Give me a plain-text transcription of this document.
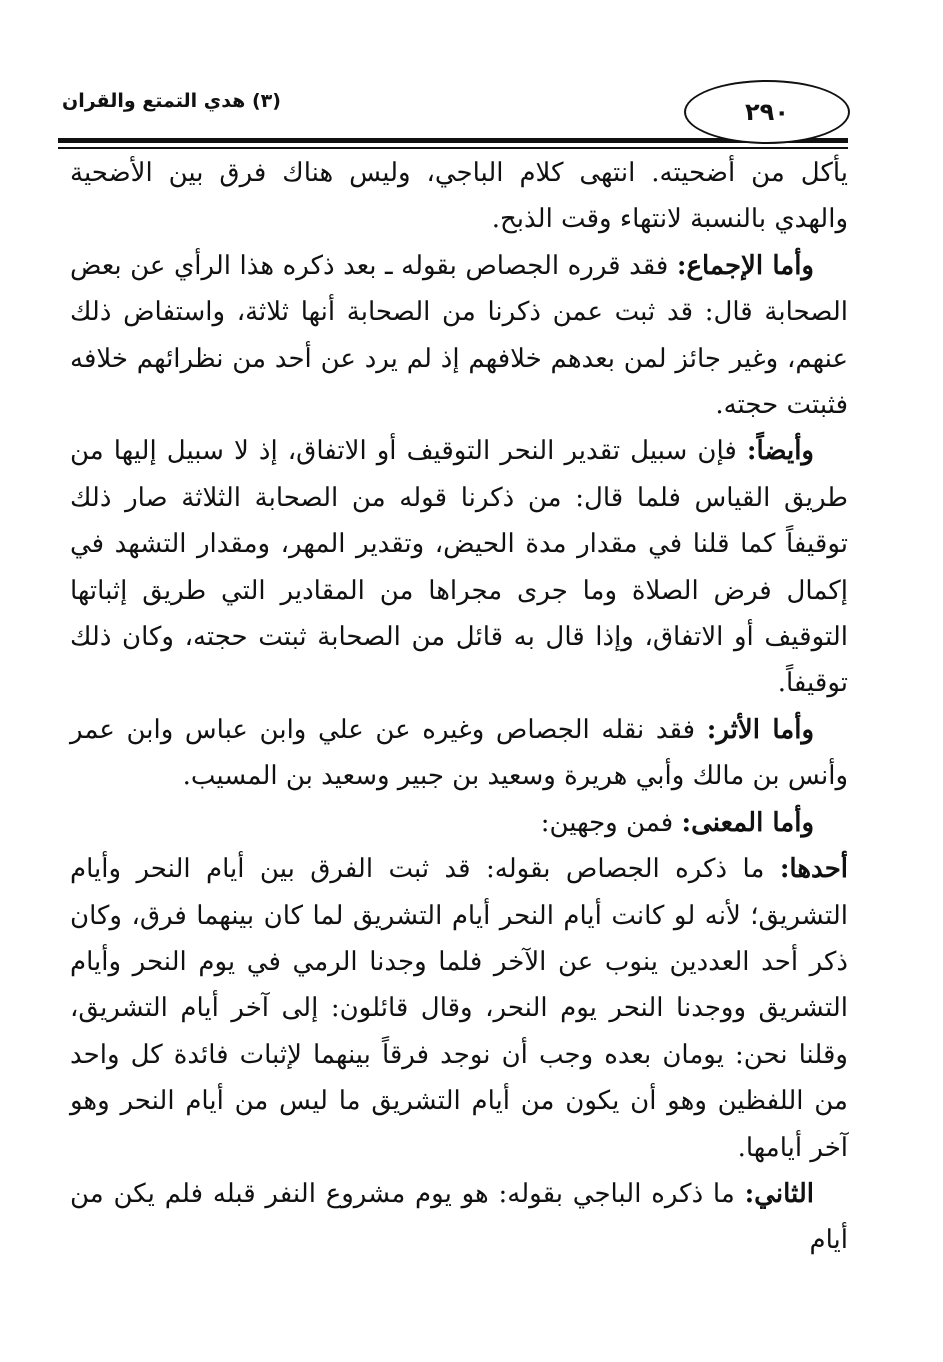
٢٩٠
(٣) هدي التمتع والقران

يأكل من أضحيته. انتهى كلام الباجي، وليس هناك فرق بين الأضحية والهدي بالنسبة لانتهاء وقت الذبح.

وأما الإجماع: فقد قرره الجصاص بقوله ـ بعد ذكره هذا الرأي عن بعض الصحابة قال: قد ثبت عمن ذكرنا من الصحابة أنها ثلاثة، واستفاض ذلك عنهم، وغير جائز لمن بعدهم خلافهم إذ لم يرد عن أحد من نظرائهم خلافه فثبتت حجته.

وأيضاً: فإن سبيل تقدير النحر التوقيف أو الاتفاق، إذ لا سبيل إليها من طريق القياس فلما قال: من ذكرنا قوله من الصحابة الثلاثة صار ذلك توقيفاً كما قلنا في مقدار مدة الحيض، وتقدير المهر، ومقدار التشهد في إكمال فرض الصلاة وما جرى مجراها من المقادير التي طريق إثباتها التوقيف أو الاتفاق، وإذا قال به قائل من الصحابة ثبتت حجته، وكان ذلك توقيفاً.

وأما الأثر: فقد نقله الجصاص وغيره عن علي وابن عباس وابن عمر وأنس بن مالك وأبي هريرة وسعيد بن جبير وسعيد بن المسيب.

وأما المعنى: فمن وجهين:

أحدها: ما ذكره الجصاص بقوله: قد ثبت الفرق بين أيام النحر وأيام التشريق؛ لأنه لو كانت أيام النحر أيام التشريق لما كان بينهما فرق، وكان ذكر أحد العددين ينوب عن الآخر فلما وجدنا الرمي في يوم النحر وأيام التشريق ووجدنا النحر يوم النحر، وقال قائلون: إلى آخر أيام التشريق، وقلنا نحن: يومان بعده وجب أن نوجد فرقاً بينهما لإثبات فائدة كل واحد من اللفظين وهو أن يكون من أيام التشريق ما ليس من أيام النحر وهو آخر أيامها.

الثاني: ما ذكره الباجي بقوله: هو يوم مشروع النفر قبله فلم يكن من أيام
